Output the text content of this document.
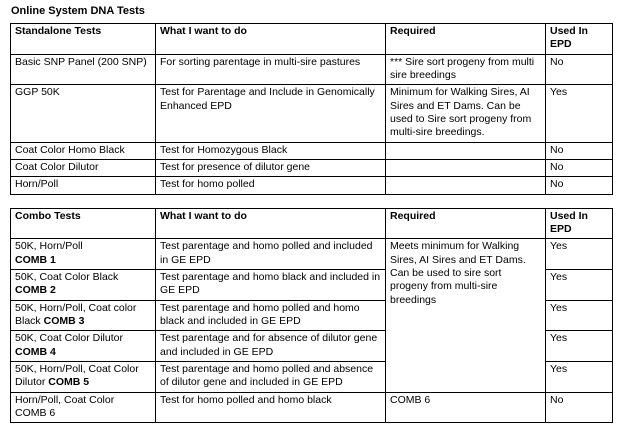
Online System DNA Tests
Standalone Tests	What I want to do	Required	Used In EPD
Basic SNP Panel (200 SNP)	For sorting parentage in multi-sire pastures	*** Sire sort progeny from multi sire breedings	No
GGP 50K	Test for Parentage and Include in Genomically Enhanced EPD	Minimum for Walking Sires, AI Sires and ET Dams. Can be used to Sire sort progeny from multi-sire breedings.	Yes
Coat Color Homo Black	Test for Homozygous Black		No
Coat Color Dilutor	Test for presence of dilutor gene		No
Horn/Poll	Test for homo polled		No
Combo Tests	What I want to do	Required	Used In EPD

50K, Horn/Poll
COMB 1	Test parentage and homo polled and included in GE EPD	Meets minimum for Walking Sires, AI Sires and ET Dams. Can be used to sire sort progeny from multi-sire breedings	Yes

50K, Coat Color Black
COMB 2	Test parentage and homo black and included in GE EPD		Yes
50K, Horn/Poll, Coat color Black COMB 3	Test parentage and homo polled and homo black and included in GE EPD		Yes

50K, Coat Color Dilutor
COMB 4	Test parentage and for absence of dilutor gene and included in GE EPD		Yes
50K, Horn/Poll, Coat Color Dilutor COMB 5	Test parentage and homo polled and absence of dilutor gene and included in GE EPD		Yes

Horn/Poll, Coat Color
COMB 6	Test for homo polled and homo black	COMB 6	No
